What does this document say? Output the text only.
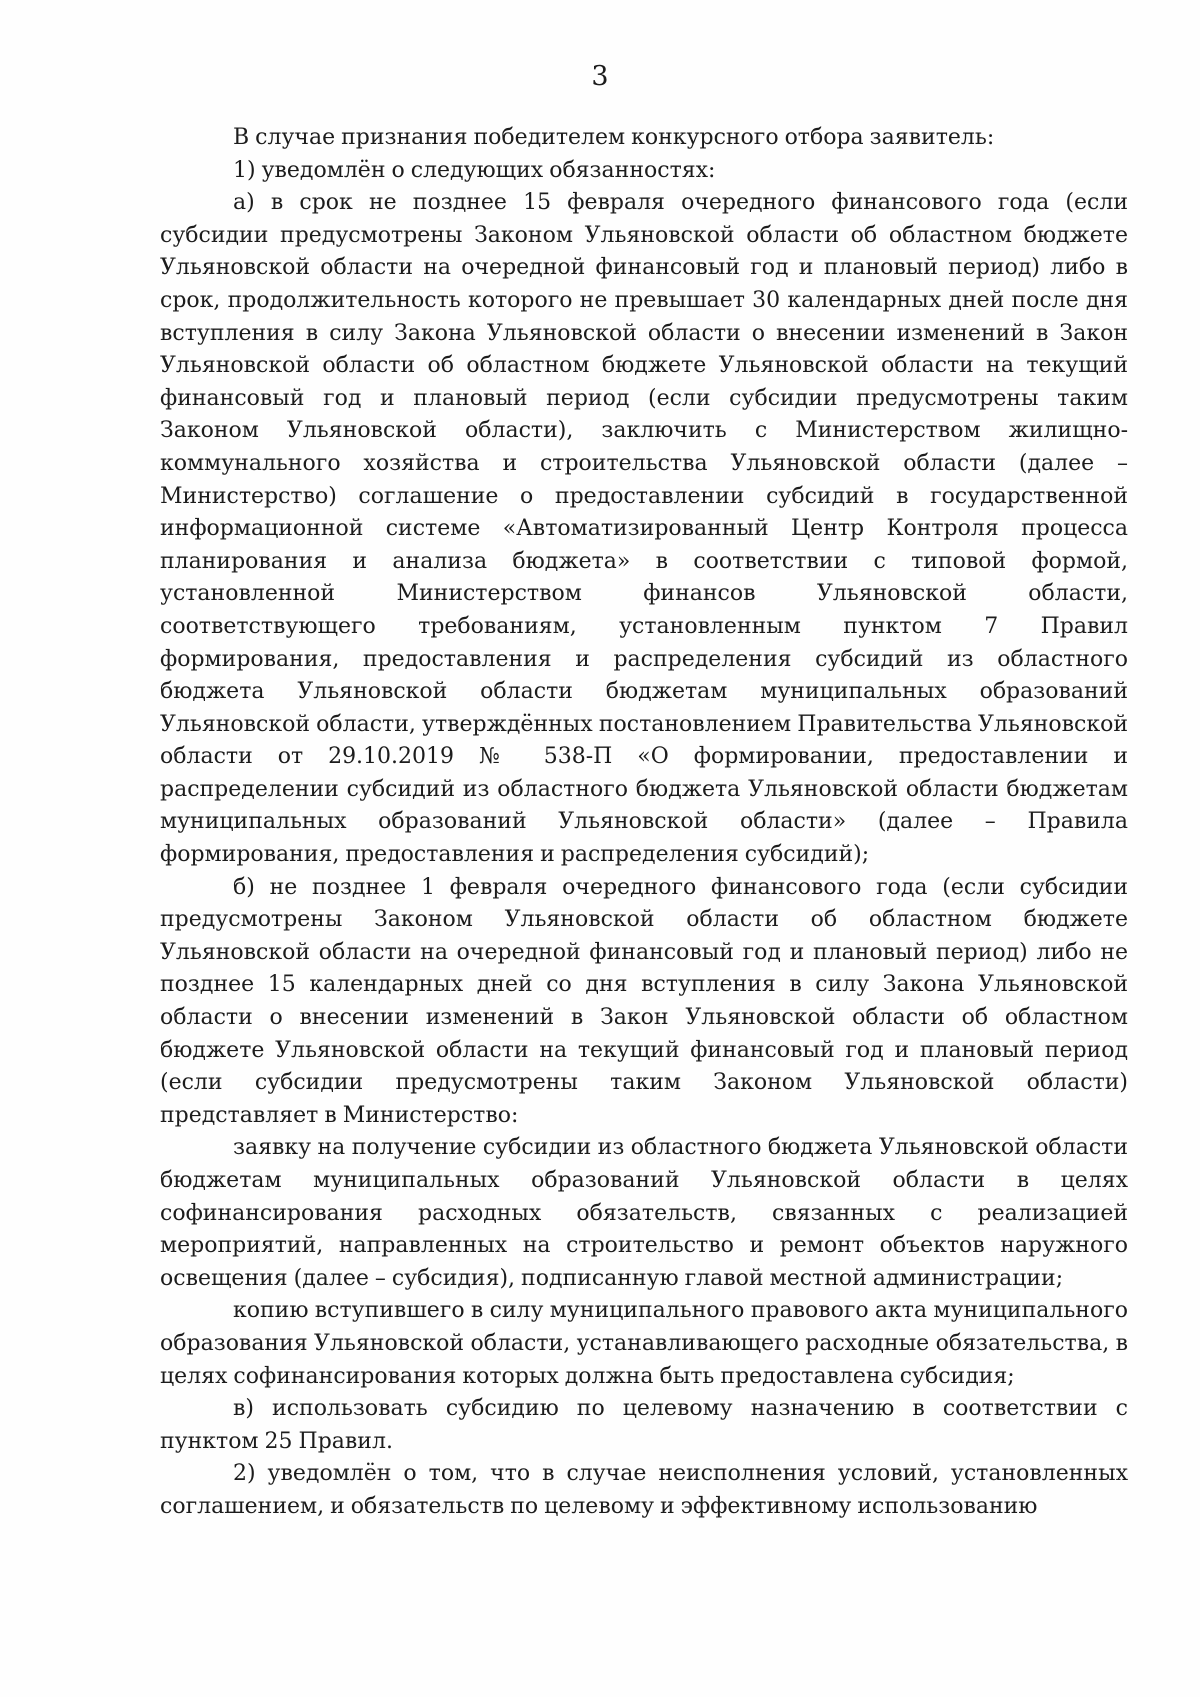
3

В случае признания победителем конкурсного отбора заявитель:

1) уведомлён о следующих обязанностях:

а) в срок не позднее 15 февраля очередного финансового года (если субсидии предусмотрены Законом Ульяновской области об областном бюджете Ульяновской области на очередной финансовый год и плановый период) либо в срок, продолжительность которого не превышает 30 календарных дней после дня вступления в силу Закона Ульяновской области о внесении изменений в Закон Ульяновской области об областном бюджете Ульяновской области на текущий финансовый год и плановый период (если субсидии предусмотрены таким Законом Ульяновской области), заключить с Министерством жилищно-коммунального хозяйства и строительства Ульяновской области (далее – Министерство) соглашение о предоставлении субсидий в государственной информационной системе «Автоматизированный Центр Контроля процесса планирования и анализа бюджета» в соответствии с типовой формой, установленной Министерством финансов Ульяновской области, соответствующего требованиям, установленным пунктом 7 Правил формирования, предоставления и распределения субсидий из областного бюджета Ульяновской области бюджетам муниципальных образований Ульяновской области, утверждённых постановлением Правительства Ульяновской области от 29.10.2019 № 538-П «О формировании, предоставлении и распределении субсидий из областного бюджета Ульяновской области бюджетам муниципальных образований Ульяновской области» (далее – Правила формирования, предоставления и распределения субсидий);

б) не позднее 1 февраля очередного финансового года (если субсидии предусмотрены Законом Ульяновской области об областном бюджете Ульяновской области на очередной финансовый год и плановый период) либо не позднее 15 календарных дней со дня вступления в силу Закона Ульяновской области о внесении изменений в Закон Ульяновской области об областном бюджете Ульяновской области на текущий финансовый год и плановый период (если субсидии предусмотрены таким Законом Ульяновской области) представляет в Министерство:

заявку на получение субсидии из областного бюджета Ульяновской области бюджетам муниципальных образований Ульяновской области в целях софинансирования расходных обязательств, связанных с реализацией мероприятий, направленных на строительство и ремонт объектов наружного освещения (далее – субсидия), подписанную главой местной администрации;

копию вступившего в силу муниципального правового акта муниципального образования Ульяновской области, устанавливающего расходные обязательства, в целях софинансирования которых должна быть предоставлена субсидия;

в) использовать субсидию по целевому назначению в соответствии с пунктом 25 Правил.

2) уведомлён о том, что в случае неисполнения условий, установленных соглашением, и обязательств по целевому и эффективному использованию
